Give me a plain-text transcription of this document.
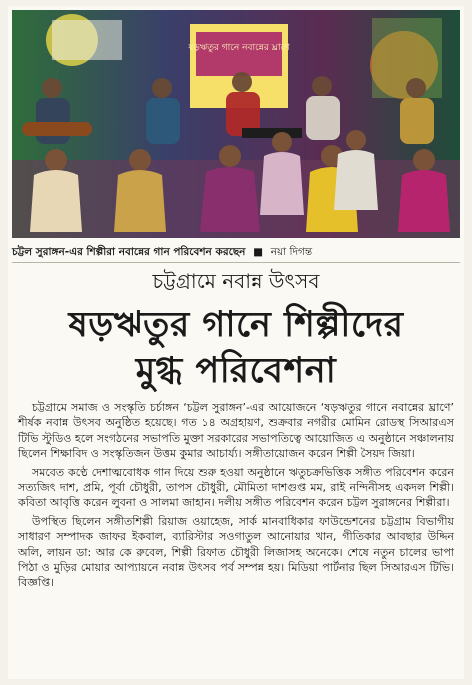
ষড়ঋতুর গানে নবান্নের ঘ্রাণে
চট্টল সুরাঙ্গন-এর শিল্পীরা নবান্নের গান পরিবেশন করছেন ■ নয়া দিগন্ত
চট্টগ্রামে নবান্ন উৎসব
ষড়ঋতুর গানে শিল্পীদের
মুগ্ধ পরিবেশনা

চট্টগ্রামে সমাজ ও সংস্কৃতি চর্চাঙ্গন ‘চট্টল সুরাঙ্গন’-এর আয়োজনে ‘ষড়ঋতুর গানে নবান্নের ঘ্রাণে’ শীর্ষক নবান্ন উৎসব অনুষ্ঠিত হয়েছে। গত ১৪ অগ্রহায়ণ, শুক্রবার নগরীর মোমিন রোডস্থ সিআরএস টিভি স্টুডিও হলে সংগঠনের সভাপতি মুক্তা সরকারের সভাপতিত্বে আয়োজিত এ অনুষ্ঠানে সঞ্চালনায় ছিলেন শিক্ষাবিদ ও সংস্কৃতিজন উত্তম কুমার আচার্য্য। সঙ্গীতায়োজন করেন শিল্পী সৈয়দ জিয়া।

সমবেত কণ্ঠে দেশাত্মবোধক গান দিয়ে শুরু হওয়া অনুষ্ঠানে ঋতুচক্রভিত্তিক সঙ্গীত পরিবেশন করেন সত্যজিৎ দাশ, প্রমি, পূর্বা চৌধুরী, তাপস চৌধুরী, মৌমিতা দাশগুপ্ত মম, রাই নন্দিনীসহ একদল শিল্পী। কবিতা আবৃত্তি করেন লুবনা ও সালমা জাহান। দলীয় সঙ্গীত পরিবেশন করেন চট্টল সুরাঙ্গনের শিল্পীরা।

উপস্থিত ছিলেন সঙ্গীতশিল্পী রিয়াজ ওয়াহেজ, সার্ক মানবাধিকার ফাউন্ডেশনের চট্টগ্রাম বিভাগীয় সাধারণ সম্পাদক জাফর ইকবাল, ব্যারিস্টার সওগাতুল আনোয়ার খান, গীতিকার আবছার উদ্দিন অলি, লায়ন ডা: আর কে রুবেল, শিল্পী রিফাত চৌধুরী লিজাসহ অনেকে। শেষে নতুন চালের ভাপা পিঠা ও মুড়ির মোয়ার আপ্যায়নে নবান্ন উৎসব পর্ব সম্পন্ন হয়। মিডিয়া পার্টনার ছিল সিআরএস টিভি। বিজ্ঞপ্তি।
